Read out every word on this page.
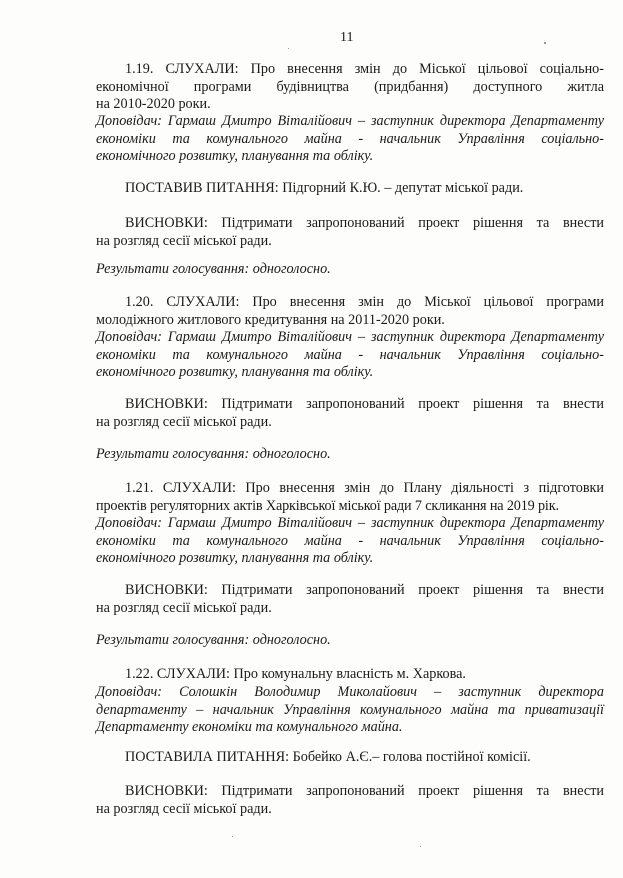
11
1.19. СЛУХАЛИ: Про внесення змін до Міської цільової соціально-
економічної програми будівництва (придбання) доступного житла
на 2010-2020 роки.
Доповідач: Гармаш Дмитро Віталійович – заступник директора Департаменту
економіки та комунального майна - начальник Управління соціально-
економічного розвитку, планування та обліку.
ПОСТАВИВ ПИТАННЯ: Підгорний К.Ю. – депутат міської ради.
ВИСНОВКИ: Підтримати запропонований проект рішення та внести
на розгляд сесії міської ради.
Результати голосування: одноголосно.
1.20. СЛУХАЛИ: Про внесення змін до Міської цільової програми
молодіжного житлового кредитування на 2011-2020 роки.
Доповідач: Гармаш Дмитро Віталійович – заступник директора Департаменту
економіки та комунального майна - начальник Управління соціально-
економічного розвитку, планування та обліку.
ВИСНОВКИ: Підтримати запропонований проект рішення та внести
на розгляд сесії міської ради.
Результати голосування: одноголосно.
1.21. СЛУХАЛИ: Про внесення змін до Плану діяльності з підготовки
проектів регуляторних актів Харківської міської ради 7 скликання на 2019 рік.
Доповідач: Гармаш Дмитро Віталійович – заступник директора Департаменту
економіки та комунального майна - начальник Управління соціально-
економічного розвитку, планування та обліку.
ВИСНОВКИ: Підтримати запропонований проект рішення та внести
на розгляд сесії міської ради.
Результати голосування: одноголосно.
1.22. СЛУХАЛИ: Про комунальну власність м. Харкова.
Доповідач: Солошкін Володимир Миколайович – заступник директора
департаменту – начальник Управління комунального майна та приватизації
Департаменту економіки та комунального майна.
ПОСТАВИЛА ПИТАННЯ: Бобейко А.Є.– голова постійної комісії.
ВИСНОВКИ: Підтримати запропонований проект рішення та внести
на розгляд сесії міської ради.
